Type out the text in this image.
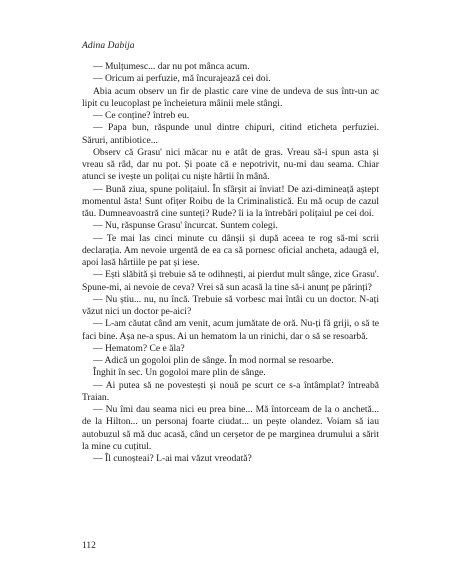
Adina Dabija

— Mulțumesc... dar nu pot mânca acum.

— Oricum ai perfuzie, mă încurajează cei doi.

Abia acum observ un fir de plastic care vine de undeva de sus într-un ac lipit cu leucoplast pe încheietura mâinii mele stângi.

— Ce conține? întreb eu.

— Papa bun, răspunde unul dintre chipuri, citind eticheta perfuziei. Săruri, antibiotice...

Observ că Grasu' nici măcar nu e atât de gras. Vreau să-i spun asta și vreau să râd, dar nu pot. Și poate că e nepotrivit, nu-mi dau seama. Chiar atunci se ivește un polițai cu niște hârtii în mână.

— Bună ziua, spune polițaiul. În sfârșit ai înviat! De azi-dimineață aștept momentul ăsta! Sunt ofițer Roibu de la Criminalistică. Eu mă ocup de cazul tău. Dumneavoastră cine sunteți? Rude? îi ia la întrebări polițaiul pe cei doi.

— Nu, răspunse Grasu' încurcat. Suntem colegi.

— Te mai las cinci minute cu dânșii și după aceea te rog să-mi scrii declarația. Am nevoie urgentă de ea ca să pornesc oficial ancheta, adaugă el, apoi lasă hârtiile pe pat și iese.

— Ești slăbită și trebuie să te odihnești, ai pierdut mult sânge, zice Grasu'. Spune-mi, ai nevoie de ceva? Vrei să sun acasă la tine să-i anunț pe părinți?

— Nu știu... nu, nu încă. Trebuie să vorbesc mai întâi cu un doctor. N-ați văzut nici un doctor pe-aici?

— L-am căutat când am venit, acum jumătate de oră. Nu-ți fă griji, o să te faci bine. Așa ne-a spus. Ai un hematom la un rinichi, dar o să se resoarbă.

— Hematom? Ce e ăla?

— Adică un gogoloi plin de sânge. În mod normal se resoarbe.

Înghit în sec. Un gogoloi mare plin de sânge.

— Ai putea să ne povestești și nouă pe scurt ce s-a întâmplat? întreabă Traian.

— Nu îmi dau seama nici eu prea bine... Mă întorceam de la o anchetă... de la Hilton... un personaj foarte ciudat... un pește olandez. Voiam să iau autobuzul să mă duc acasă, când un cerșetor de pe marginea drumului a sărit la mine cu cuțitul.

— Îl cunoșteai? L-ai mai văzut vreodată?

112
